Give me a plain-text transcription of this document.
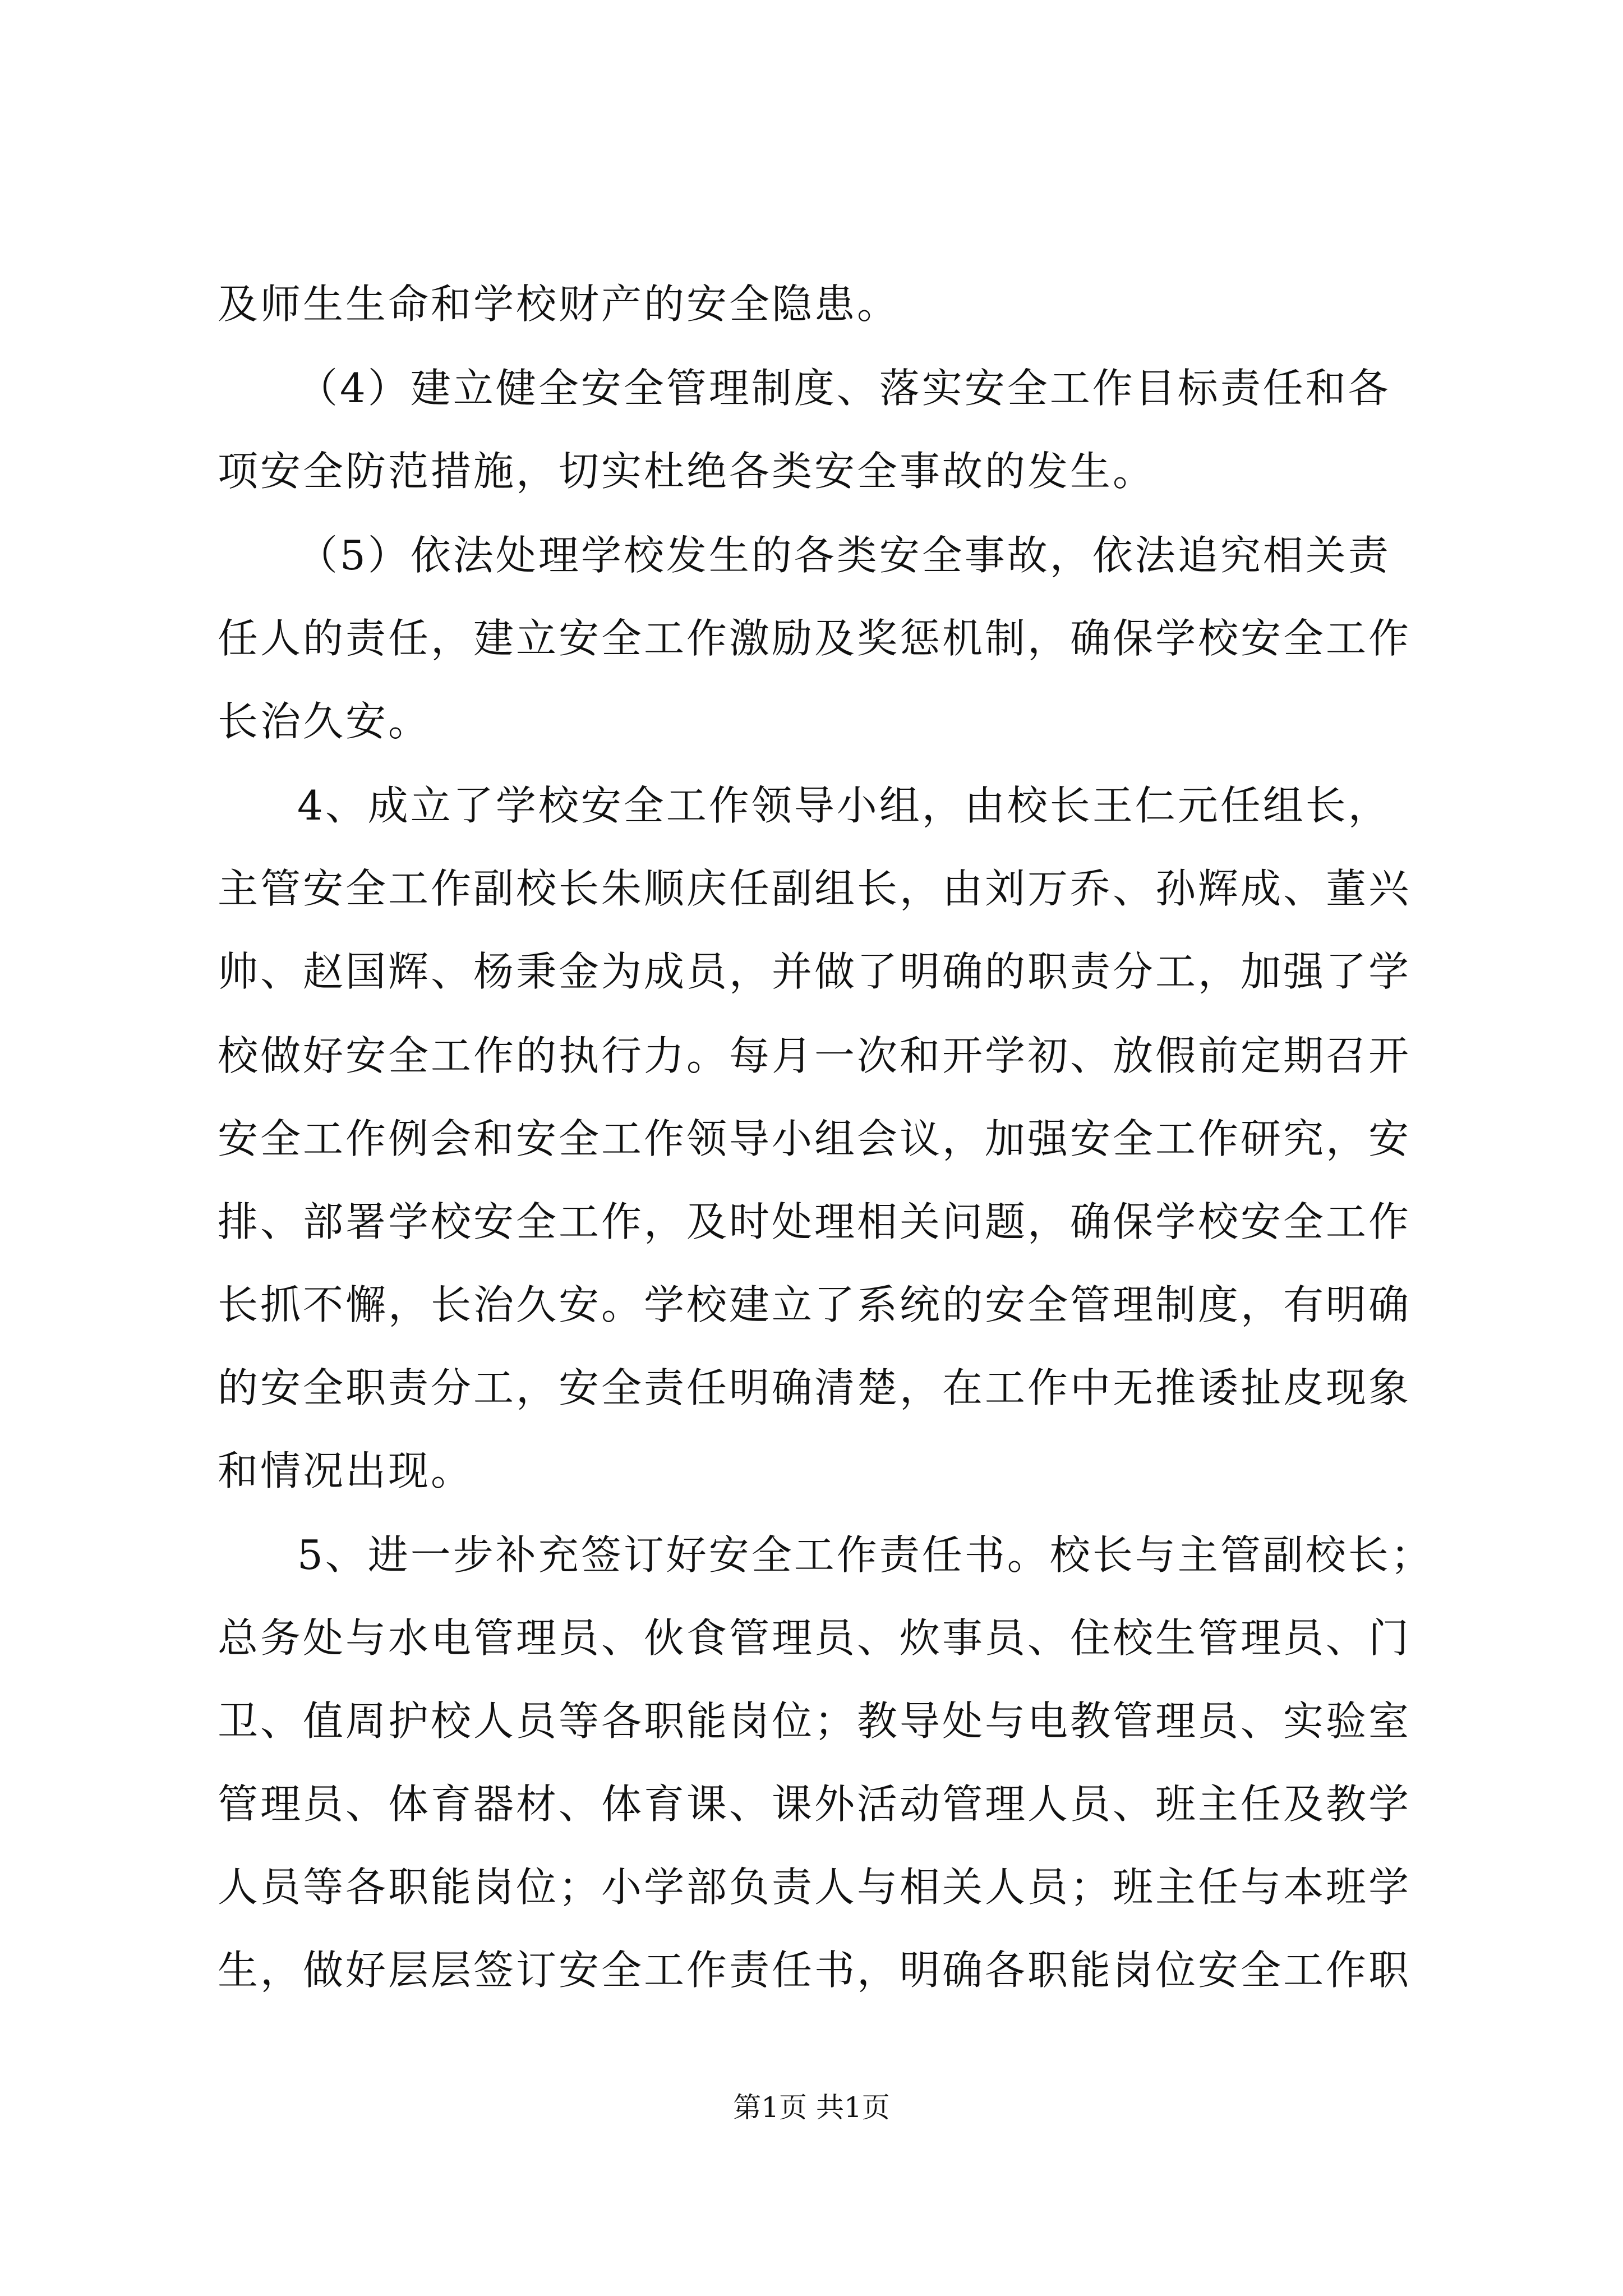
及师生生命和学校财产的安全隐患。

（4）建立健全安全管理制度、落实安全工作目标责任和各

项安全防范措施，切实杜绝各类安全事故的发生。

（5）依法处理学校发生的各类安全事故，依法追究相关责

任人的责任，建立安全工作激励及奖惩机制，确保学校安全工作

长治久安。

4、成立了学校安全工作领导小组，由校长王仁元任组长，

主管安全工作副校长朱顺庆任副组长，由刘万乔、孙辉成、董兴

帅、赵国辉、杨秉金为成员，并做了明确的职责分工，加强了学

校做好安全工作的执行力。每月一次和开学初、放假前定期召开

安全工作例会和安全工作领导小组会议，加强安全工作研究，安

排、部署学校安全工作，及时处理相关问题，确保学校安全工作

长抓不懈，长治久安。学校建立了系统的安全管理制度，有明确

的安全职责分工，安全责任明确清楚，在工作中无推诿扯皮现象

和情况出现。

5、进一步补充签订好安全工作责任书。校长与主管副校长；

总务处与水电管理员、伙食管理员、炊事员、住校生管理员、门

卫、值周护校人员等各职能岗位；教导处与电教管理员、实验室

管理员、体育器材、体育课、课外活动管理人员、班主任及教学

人员等各职能岗位；小学部负责人与相关人员；班主任与本班学

生，做好层层签订安全工作责任书，明确各职能岗位安全工作职

第1页 共1页
